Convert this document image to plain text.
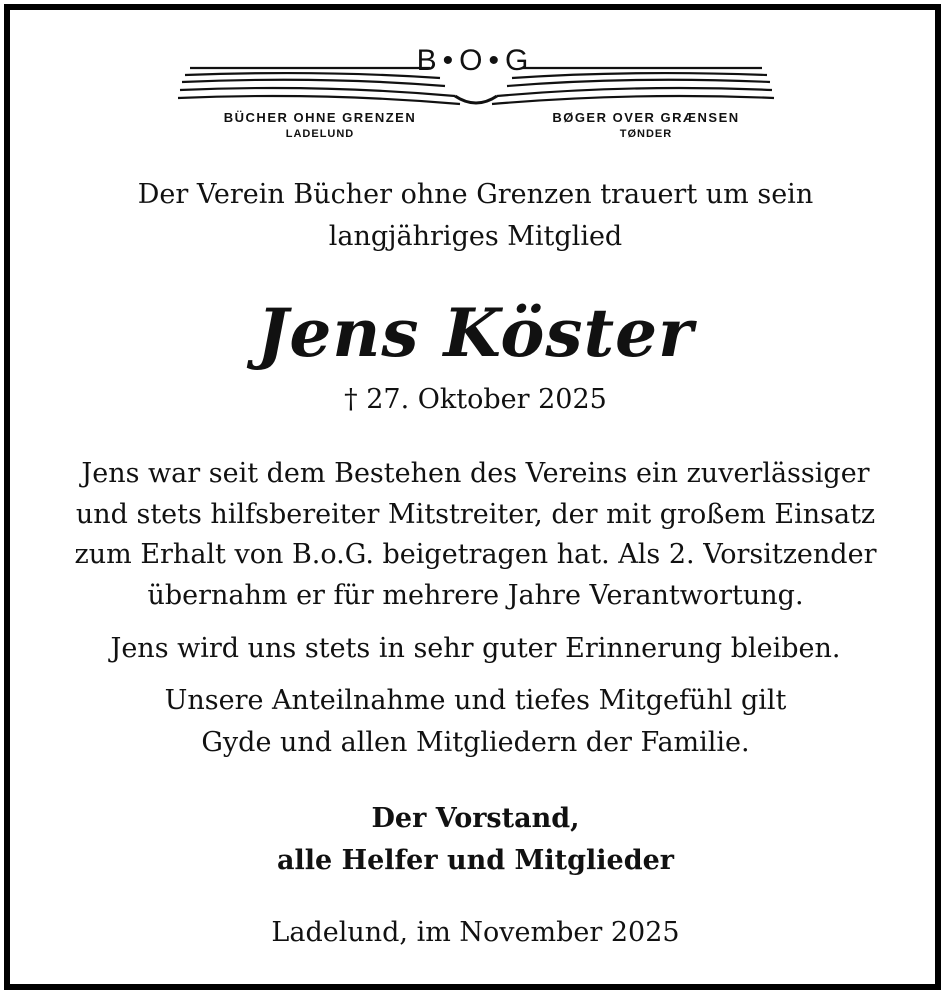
B•O•G
BÜCHER OHNE GRENZEN	BØGER OVER GRÆNSEN
LADELUND	TØNDER
Der Verein Bücher ohne Grenzen trauert um sein
langjähriges Mitglied
Jens Köster
† 27. Oktober 2025
Jens war seit dem Bestehen des Vereins ein zuverlässiger
und stets hilfsbereiter Mitstreiter, der mit großem Einsatz
zum Erhalt von B.o.G. beigetragen hat. Als 2. Vorsitzender
übernahm er für mehrere Jahre Verantwortung.
Jens wird uns stets in sehr guter Erinnerung bleiben.
Unsere Anteilnahme und tiefes Mitgefühl gilt
Gyde und allen Mitgliedern der Familie.
Der Vorstand,
alle Helfer und Mitglieder
Ladelund, im November 2025
